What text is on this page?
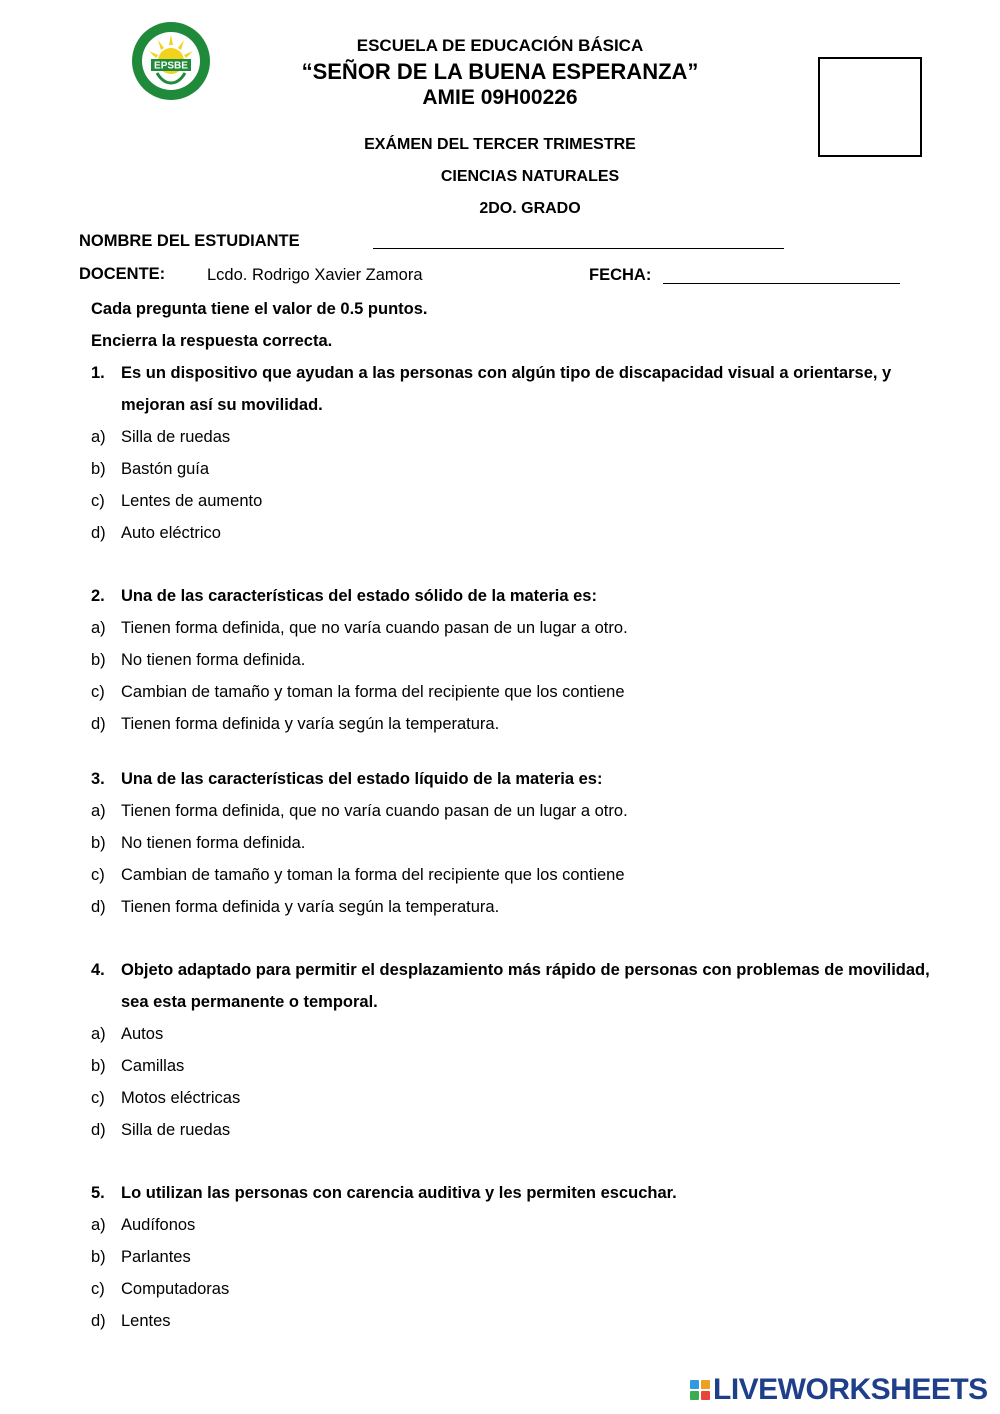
EPSBE
ESCUELA DE EDUCACIÓN BÁSICA
“SEÑOR DE LA BUENA ESPERANZA”
AMIE 09H00226
EXÁMEN DEL TERCER TRIMESTRE
CIENCIAS NATURALES
2DO. GRADO
NOMBRE DEL ESTUDIANTE
DOCENTE:	Lcdo. Rodrigo Xavier Zamora	FECHA:
Cada pregunta tiene el valor de 0.5 puntos.
Encierra la respuesta correcta.
1. Es un dispositivo que ayudan a las personas con algún tipo de discapacidad visual a orientarse, y mejoran así su movilidad.
a) Silla de ruedas
b) Bastón guía
c) Lentes de aumento
d) Auto eléctrico
2. Una de las características del estado sólido de la materia es:
a) Tienen forma definida, que no varía cuando pasan de un lugar a otro.
b) No tienen forma definida.
c) Cambian de tamaño y toman la forma del recipiente que los contiene
d) Tienen forma definida y varía según la temperatura.
3. Una de las características del estado líquido de la materia es:
a) Tienen forma definida, que no varía cuando pasan de un lugar a otro.
b) No tienen forma definida.
c) Cambian de tamaño y toman la forma del recipiente que los contiene
d) Tienen forma definida y varía según la temperatura.
4. Objeto adaptado para permitir el desplazamiento más rápido de personas con problemas de movilidad, sea esta permanente o temporal.
a) Autos
b) Camillas
c) Motos eléctricas
d) Silla de ruedas
5. Lo utilizan las personas con carencia auditiva y les permiten escuchar.
a) Audífonos
b) Parlantes
c) Computadoras
d) Lentes
LIVEWORKSHEETS
